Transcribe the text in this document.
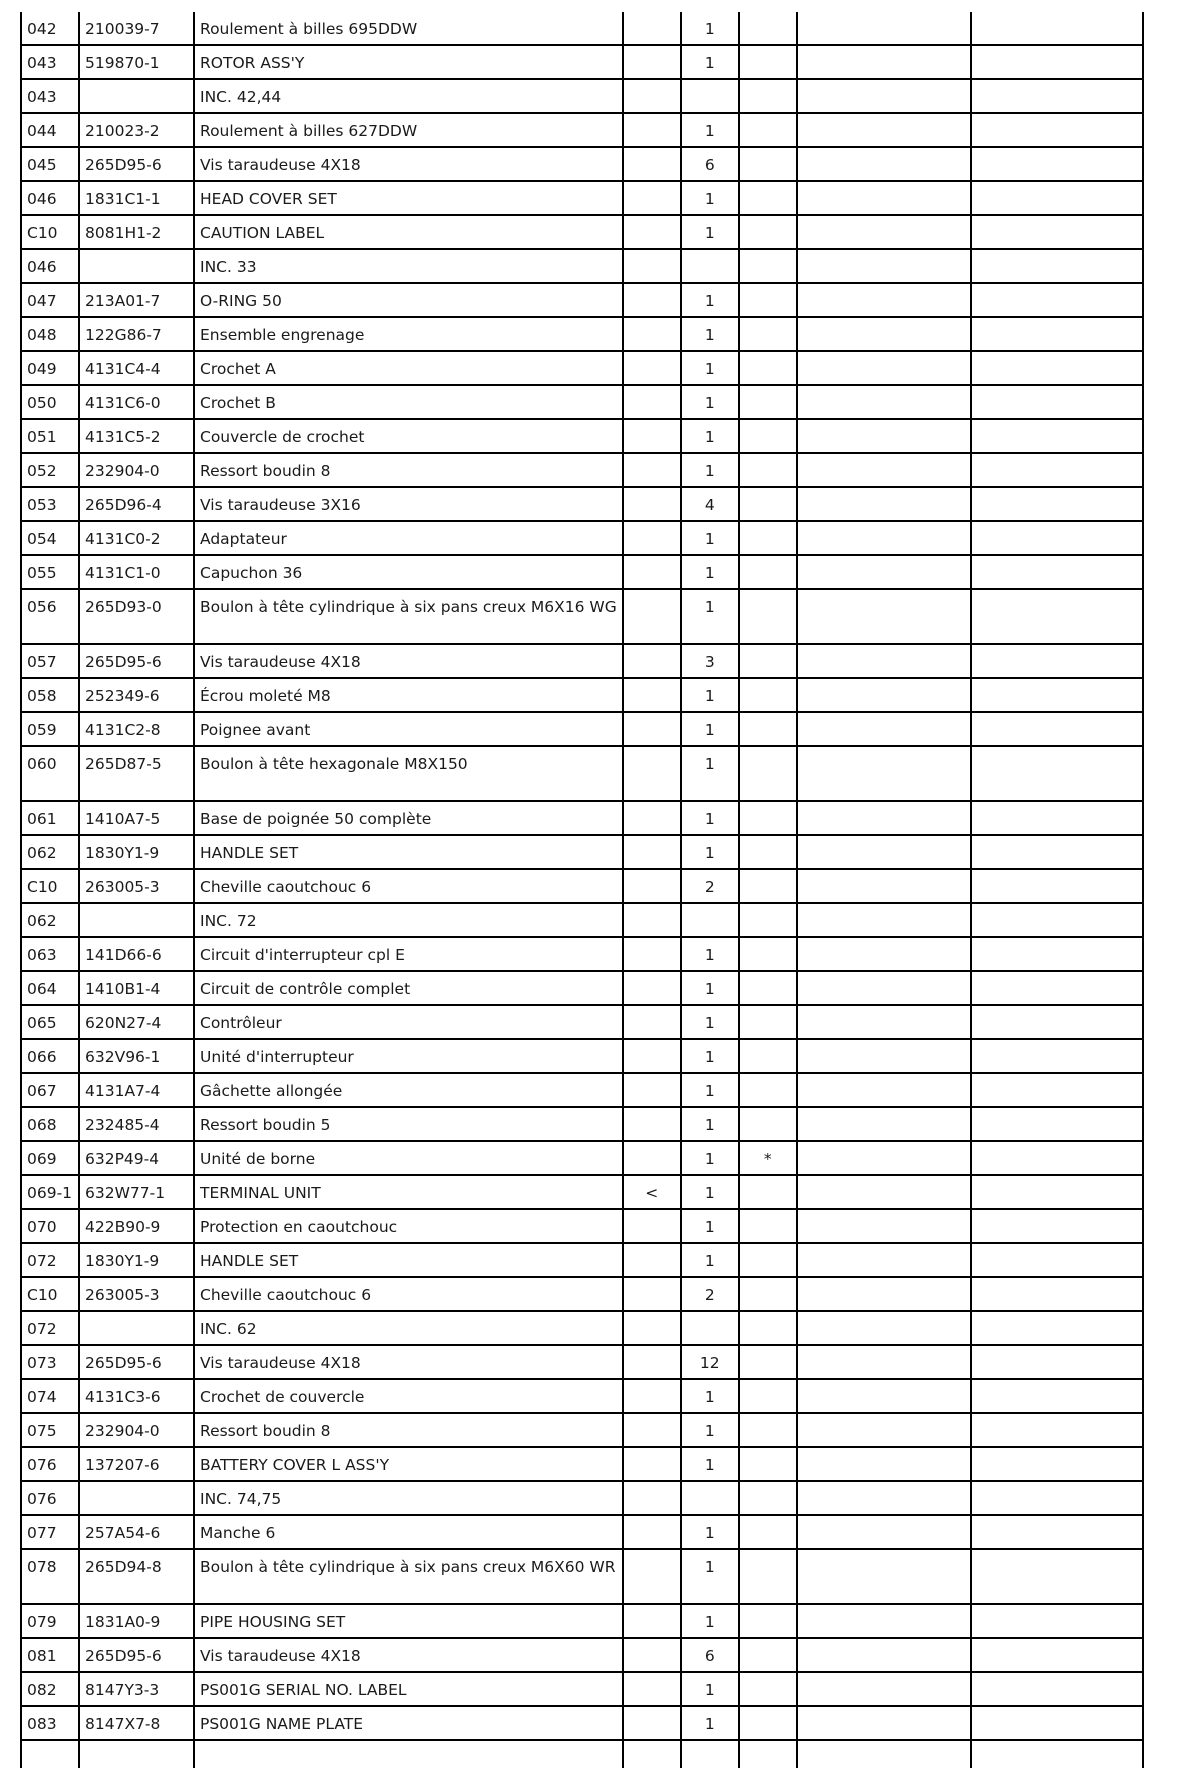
042	210039-7	Roulement à billes 695DDW		1			
043	519870-1	ROTOR ASS'Y		1			
043		INC. 42,44					
044	210023-2	Roulement à billes 627DDW		1			
045	265D95-6	Vis taraudeuse 4X18		6			
046	1831C1-1	HEAD COVER SET		1			
C10	8081H1-2	CAUTION LABEL		1			
046		INC. 33					
047	213A01-7	O-RING 50		1			
048	122G86-7	Ensemble engrenage		1			
049	4131C4-4	Crochet A		1			
050	4131C6-0	Crochet B		1			
051	4131C5-2	Couvercle de crochet		1			
052	232904-0	Ressort boudin 8		1			
053	265D96-4	Vis taraudeuse 3X16		4			
054	4131C0-2	Adaptateur		1			
055	4131C1-0	Capuchon 36		1			
056	265D93-0	Boulon à tête cylindrique à six pans creux M6X16 WG		1			
057	265D95-6	Vis taraudeuse 4X18		3			
058	252349-6	Écrou moleté M8		1			
059	4131C2-8	Poignee avant		1			
060	265D87-5	Boulon à tête hexagonale M8X150		1			
061	1410A7-5	Base de poignée 50 complète		1			
062	1830Y1-9	HANDLE SET		1			
C10	263005-3	Cheville caoutchouc 6		2			
062		INC. 72					
063	141D66-6	Circuit d'interrupteur cpl E		1			
064	1410B1-4	Circuit de contrôle complet		1			
065	620N27-4	Contrôleur		1			
066	632V96-1	Unité d'interrupteur		1			
067	4131A7-4	Gâchette allongée		1			
068	232485-4	Ressort boudin 5		1			
069	632P49-4	Unité de borne		1	*		
069-1	632W77-1	TERMINAL UNIT	<	1			
070	422B90-9	Protection en caoutchouc		1			
072	1830Y1-9	HANDLE SET		1			
C10	263005-3	Cheville caoutchouc 6		2			
072		INC. 62					
073	265D95-6	Vis taraudeuse 4X18		12			
074	4131C3-6	Crochet de couvercle		1			
075	232904-0	Ressort boudin 8		1			
076	137207-6	BATTERY COVER L ASS'Y		1			
076		INC. 74,75					
077	257A54-6	Manche 6		1			
078	265D94-8	Boulon à tête cylindrique à six pans creux M6X60 WR		1			
079	1831A0-9	PIPE HOUSING SET		1			
081	265D95-6	Vis taraudeuse 4X18		6			
082	8147Y3-3	PS001G SERIAL NO. LABEL		1			
083	8147X7-8	PS001G NAME PLATE		1			
